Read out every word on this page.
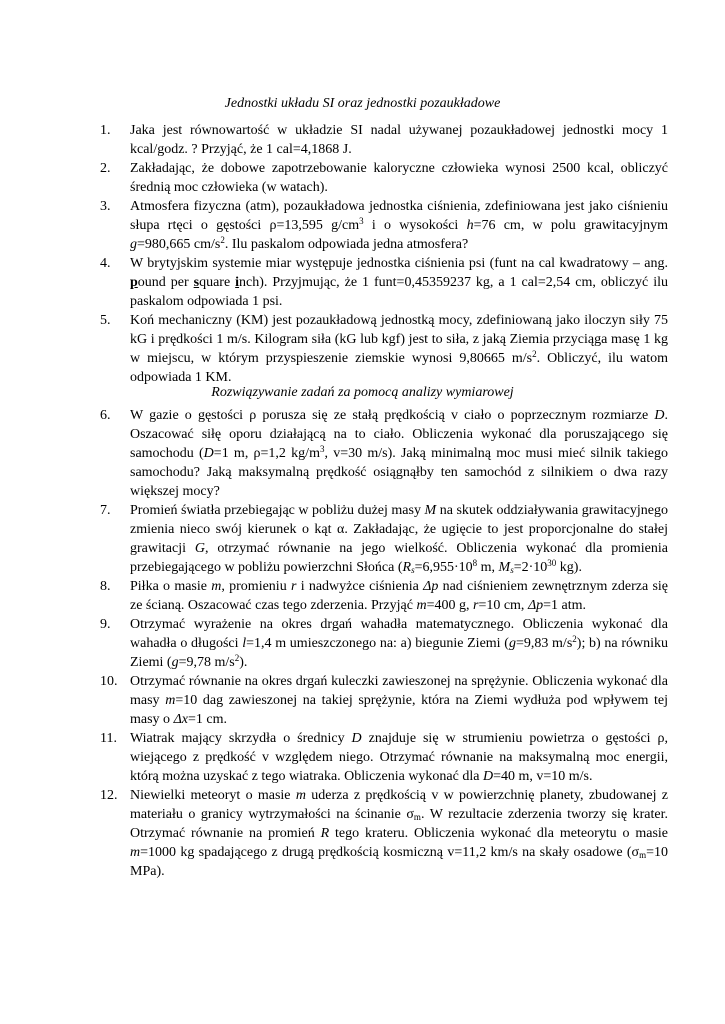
Jednostki układu SI oraz jednostki pozaukładowe
1. Jaka jest równowartość w układzie SI nadal używanej pozaukładowej jednostki mocy 1 kcal/godz. ? Przyjąć, że 1 cal=4,1868 J.
2. Zakładając, że dobowe zapotrzebowanie kaloryczne człowieka wynosi 2500 kcal, obliczyć średnią moc człowieka (w watach).
3. Atmosfera fizyczna (atm), pozaukładowa jednostka ciśnienia, zdefiniowana jest jako ciśnieniu słupa rtęci o gęstości ρ=13,595 $g/cm^3$ i o wysokości h=76 cm, w polu grawitacyjnym g=980,665 $cm/s^2$. Ilu paskalom odpowiada jedna atmosfera?
4. W brytyjskim systemie miar występuje jednostka ciśnienia psi (funt na cal kwadratowy – ang. pound per square inch). Przyjmując, że 1 funt=0,45359237 kg, a 1 cal=2,54 cm, obliczyć ilu paskalom odpowiada 1 psi.
5. Koń mechaniczny (KM) jest pozaukładową jednostką mocy, zdefiniowaną jako iloczyn siły 75 kG i prędkości 1 m/s. Kilogram siła (kG lub kgf) jest to siła, z jaką Ziemia przyciąga masę 1 kg w miejscu, w którym przyspieszenie ziemskie wynosi 9,80665 $m/s^2$. Obliczyć, ilu watom odpowiada 1 KM.
Rozwiązywanie zadań za pomocą analizy wymiarowej
6. W gazie o gęstości ρ porusza się ze stałą prędkością v ciało o poprzecznym rozmiarze D. Oszacować siłę oporu działającą na to ciało. Obliczenia wykonać dla poruszającego się samochodu (D=1 m, ρ=1,2 $kg/m^3$, v=30 m/s). Jaką minimalną moc musi mieć silnik takiego samochodu? Jaką maksymalną prędkość osiągnąłby ten samochód z silnikiem o dwa razy większej mocy?
7. Promień światła przebiegając w pobliżu dużej masy M na skutek oddziaływania grawitacyjnego zmienia nieco swój kierunek o kąt α. Zakładając, że ugięcie to jest proporcjonalne do stałej grawitacji G, otrzymać równanie na jego wielkość. Obliczenia wykonać dla promienia przebiegającego w pobliżu powierzchni Słońca ($R_s=6,955\cdot 10^8$ m, $M_s=2\cdot 10^{30}$ kg).
8. Piłka o masie m, promieniu r i nadwyżce ciśnienia Δp nad ciśnieniem zewnętrznym zderza się ze ścianą. Oszacować czas tego zderzenia. Przyjąć m=400 g, r=10 cm, Δp=1 atm.
9. Otrzymać wyrażenie na okres drgań wahadła matematycznego. Obliczenia wykonać dla wahadła o długości l=1,4 m umieszczonego na: a) biegunie Ziemi (g=9,83 $m/s^2$); b) na równiku Ziemi (g=9,78 $m/s^2$).
10. Otrzymać równanie na okres drgań kuleczki zawieszonej na sprężynie. Obliczenia wykonać dla masy m=10 dag zawieszonej na takiej sprężynie, która na Ziemi wydłuża pod wpływem tej masy o Δx=1 cm.
11. Wiatrak mający skrzydła o średnicy D znajduje się w strumieniu powietrza o gęstości ρ, wiejącego z prędkość v względem niego. Otrzymać równanie na maksymalną moc energii, którą można uzyskać z tego wiatraka. Obliczenia wykonać dla D=40 m, v=10 m/s.
12. Niewielki meteoryt o masie m uderza z prędkością v w powierzchnię planety, zbudowanej z materiału o granicy wytrzymałości na ścinanie $\sigma_m$. W rezultacie zderzenia tworzy się krater. Otrzymać równanie na promień R tego krateru. Obliczenia wykonać dla meteorytu o masie m=1000 kg spadającego z drugą prędkością kosmiczną v=11,2 km/s na skały osadowe ($\sigma_m=10$ MPa).
